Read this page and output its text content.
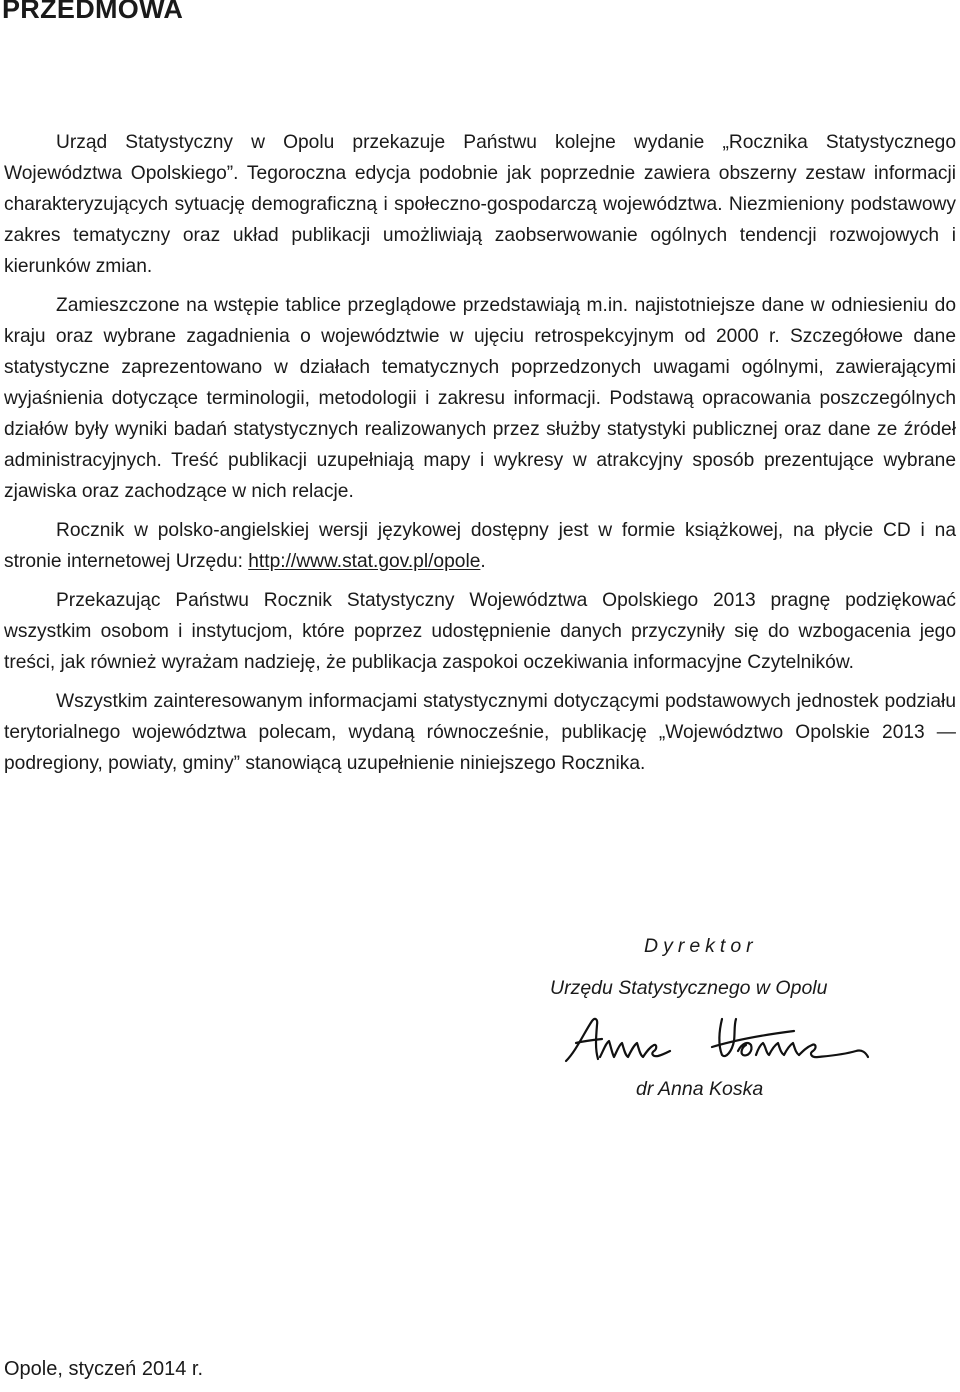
PRZEDMOWA

Urząd Statystyczny w Opolu przekazuje Państwu kolejne wydanie „Rocznika Statystycznego Województwa Opolskiego”. Tegoroczna edycja podobnie jak poprzednie zawiera obszerny zestaw informacji charakteryzujących sytuację demograficzną i społeczno-gospodarczą województwa. Niezmieniony podstawowy zakres tematyczny oraz układ publikacji umożliwiają zaobserwowanie ogólnych tendencji rozwojowych i kierunków zmian.

Zamieszczone na wstępie tablice przeglądowe przedstawiają m.in. najistotniejsze dane w odniesieniu do kraju oraz wybrane zagadnienia o województwie w ujęciu retrospekcyjnym od 2000 r. Szczegółowe dane statystyczne zaprezentowano w działach tematycznych poprzedzonych uwagami ogólnymi, zawierającymi wyjaśnienia dotyczące terminologii, metodologii i zakresu informacji. Podstawą opracowania poszczególnych działów były wyniki badań statystycznych realizowanych przez służby statystyki publicznej oraz dane ze źródeł administracyjnych. Treść publikacji uzupełniają mapy i wykresy w atrakcyjny sposób prezentujące wybrane zjawiska oraz zachodzące w nich relacje.

Rocznik w polsko-angielskiej wersji językowej dostępny jest w formie książkowej, na płycie CD i na stronie internetowej Urzędu: http://www.stat.gov.pl/opole.

Przekazując Państwu Rocznik Statystyczny Województwa Opolskiego 2013 pragnę podziękować wszystkim osobom i instytucjom, które poprzez udostępnienie danych przyczyniły się do wzbogacenia jego treści, jak również wyrażam nadzieję, że publikacja zaspokoi oczekiwania informacyjne Czytelników.

Wszystkim zainteresowanym informacjami statystycznymi dotyczącymi podstawowych jednostek podziału terytorialnego województwa polecam, wydaną równocześnie, publikację „Województwo Opolskie 2013 — podregiony, powiaty, gminy” stanowiącą uzupełnienie niniejszego Rocznika.

Dyrektor
Urzędu Statystycznego w Opolu
dr Anna Koska

Opole, styczeń 2014 r.
